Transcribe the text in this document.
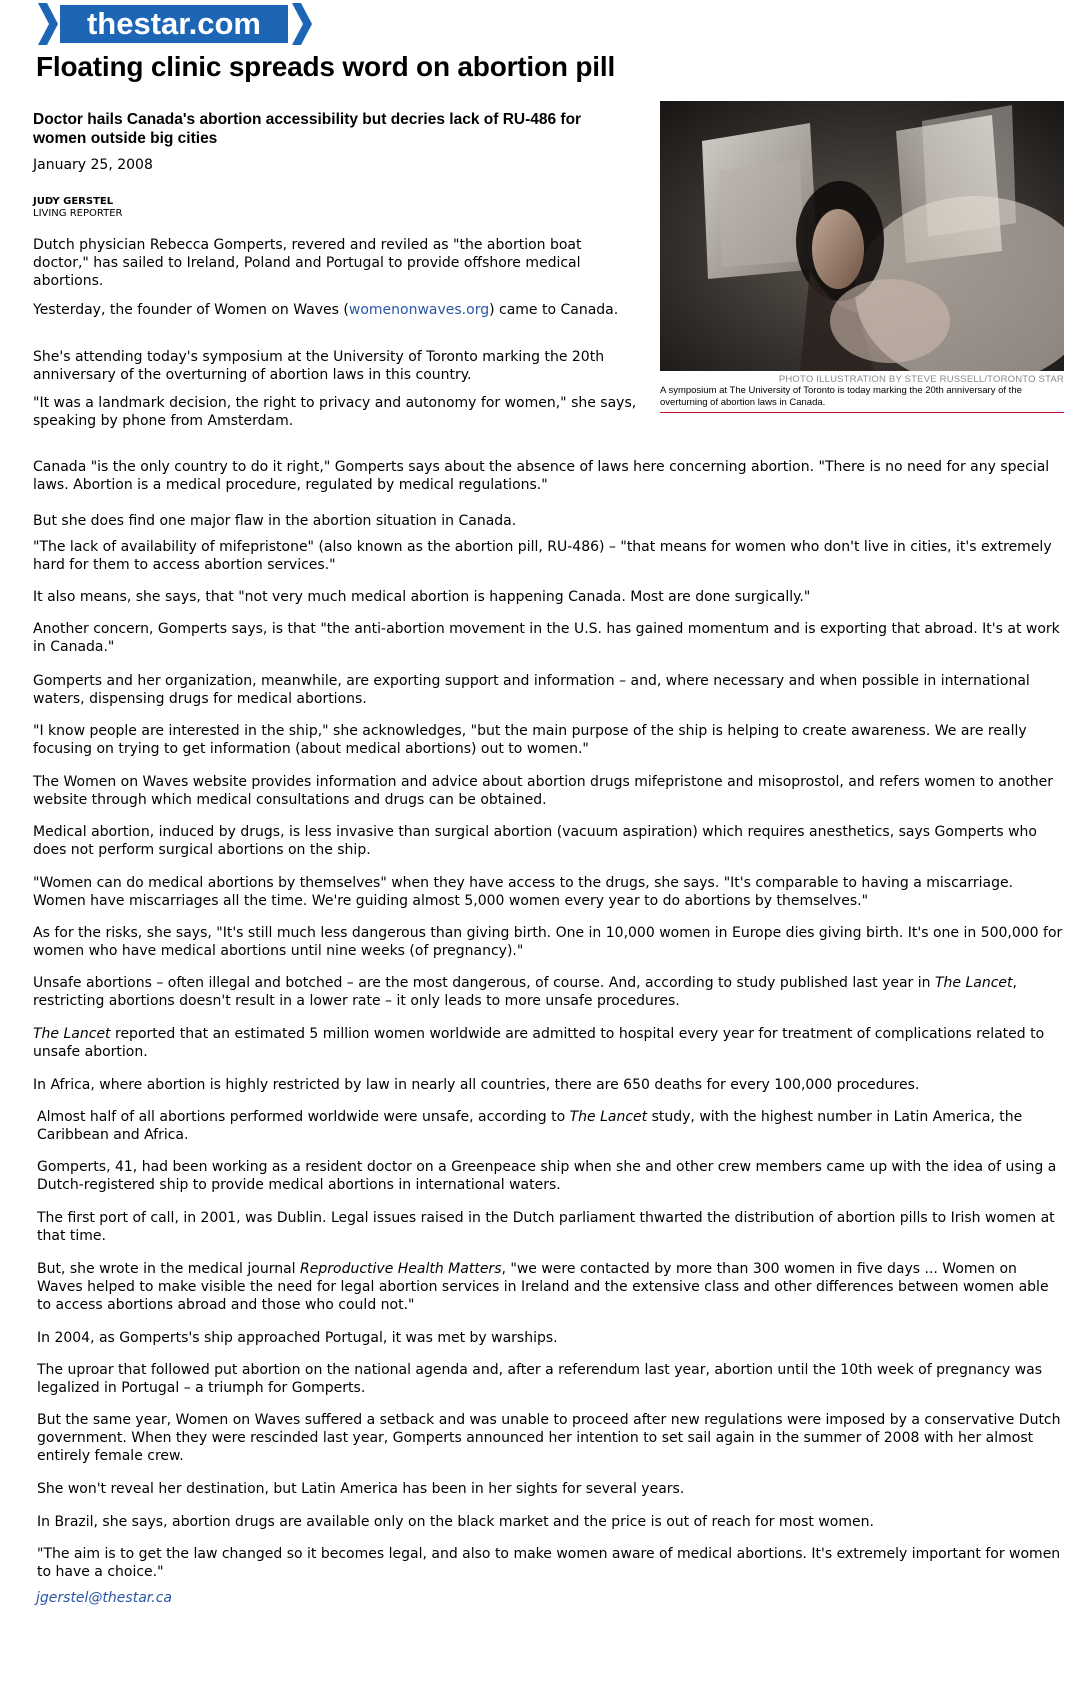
thestar.com
Floating clinic spreads word on abortion pill

Doctor hails Canada's abortion accessibility but decries lack of RU-486 for women outside big cities

January 25, 2008
JUDY GERSTEL
LIVING REPORTER
PHOTO ILLUSTRATION BY STEVE RUSSELL/TORONTO STAR
A symposium at The University of Toronto is today marking the 20th anniversary of the overturning of abortion laws in Canada.

Dutch physician Rebecca Gomperts, revered and reviled as "the abortion boat doctor," has sailed to Ireland, Poland and Portugal to provide offshore medical abortions.

Yesterday, the founder of Women on Waves (womenonwaves.org) came to Canada.

She's attending today's symposium at the University of Toronto marking the 20th anniversary of the overturning of abortion laws in this country.

"It was a landmark decision, the right to privacy and autonomy for women," she says, speaking by phone from Amsterdam.

Canada "is the only country to do it right," Gomperts says about the absence of laws here concerning abortion. "There is no need for any special laws. Abortion is a medical procedure, regulated by medical regulations."

But she does find one major flaw in the abortion situation in Canada.

"The lack of availability of mifepristone" (also known as the abortion pill, RU-486) – "that means for women who don't live in cities, it's extremely hard for them to access abortion services."

It also means, she says, that "not very much medical abortion is happening Canada. Most are done surgically."

Another concern, Gomperts says, is that "the anti-abortion movement in the U.S. has gained momentum and is exporting that abroad. It's at work in Canada."

Gomperts and her organization, meanwhile, are exporting support and information – and, where necessary and when possible in international waters, dispensing drugs for medical abortions.

"I know people are interested in the ship," she acknowledges, "but the main purpose of the ship is helping to create awareness. We are really focusing on trying to get information (about medical abortions) out to women."

The Women on Waves website provides information and advice about abortion drugs mifepristone and misoprostol, and refers women to another website through which medical consultations and drugs can be obtained.

Medical abortion, induced by drugs, is less invasive than surgical abortion (vacuum aspiration) which requires anesthetics, says Gomperts who does not perform surgical abortions on the ship.

"Women can do medical abortions by themselves" when they have access to the drugs, she says. "It's comparable to having a miscarriage. Women have miscarriages all the time. We're guiding almost 5,000 women every year to do abortions by themselves."

As for the risks, she says, "It's still much less dangerous than giving birth. One in 10,000 women in Europe dies giving birth. It's one in 500,000 for women who have medical abortions until nine weeks (of pregnancy)."

Unsafe abortions – often illegal and botched – are the most dangerous, of course. And, according to study published last year in The Lancet, restricting abortions doesn't result in a lower rate – it only leads to more unsafe procedures.

The Lancet reported that an estimated 5 million women worldwide are admitted to hospital every year for treatment of complications related to unsafe abortion.

In Africa, where abortion is highly restricted by law in nearly all countries, there are 650 deaths for every 100,000 procedures.

Almost half of all abortions performed worldwide were unsafe, according to The Lancet study, with the highest number in Latin America, the Caribbean and Africa.

Gomperts, 41, had been working as a resident doctor on a Greenpeace ship when she and other crew members came up with the idea of using a Dutch-registered ship to provide medical abortions in international waters.

The first port of call, in 2001, was Dublin. Legal issues raised in the Dutch parliament thwarted the distribution of abortion pills to Irish women at that time.

But, she wrote in the medical journal Reproductive Health Matters, "we were contacted by more than 300 women in five days ... Women on Waves helped to make visible the need for legal abortion services in Ireland and the extensive class and other differences between women able to access abortions abroad and those who could not."

In 2004, as Gomperts's ship approached Portugal, it was met by warships.

The uproar that followed put abortion on the national agenda and, after a referendum last year, abortion until the 10th week of pregnancy was legalized in Portugal – a triumph for Gomperts.

But the same year, Women on Waves suffered a setback and was unable to proceed after new regulations were imposed by a conservative Dutch government. When they were rescinded last year, Gomperts announced her intention to set sail again in the summer of 2008 with her almost entirely female crew.

She won't reveal her destination, but Latin America has been in her sights for several years.

In Brazil, she says, abortion drugs are available only on the black market and the price is out of reach for most women.

"The aim is to get the law changed so it becomes legal, and also to make women aware of medical abortions. It's extremely important for women to have a choice."

jgerstel@thestar.ca
